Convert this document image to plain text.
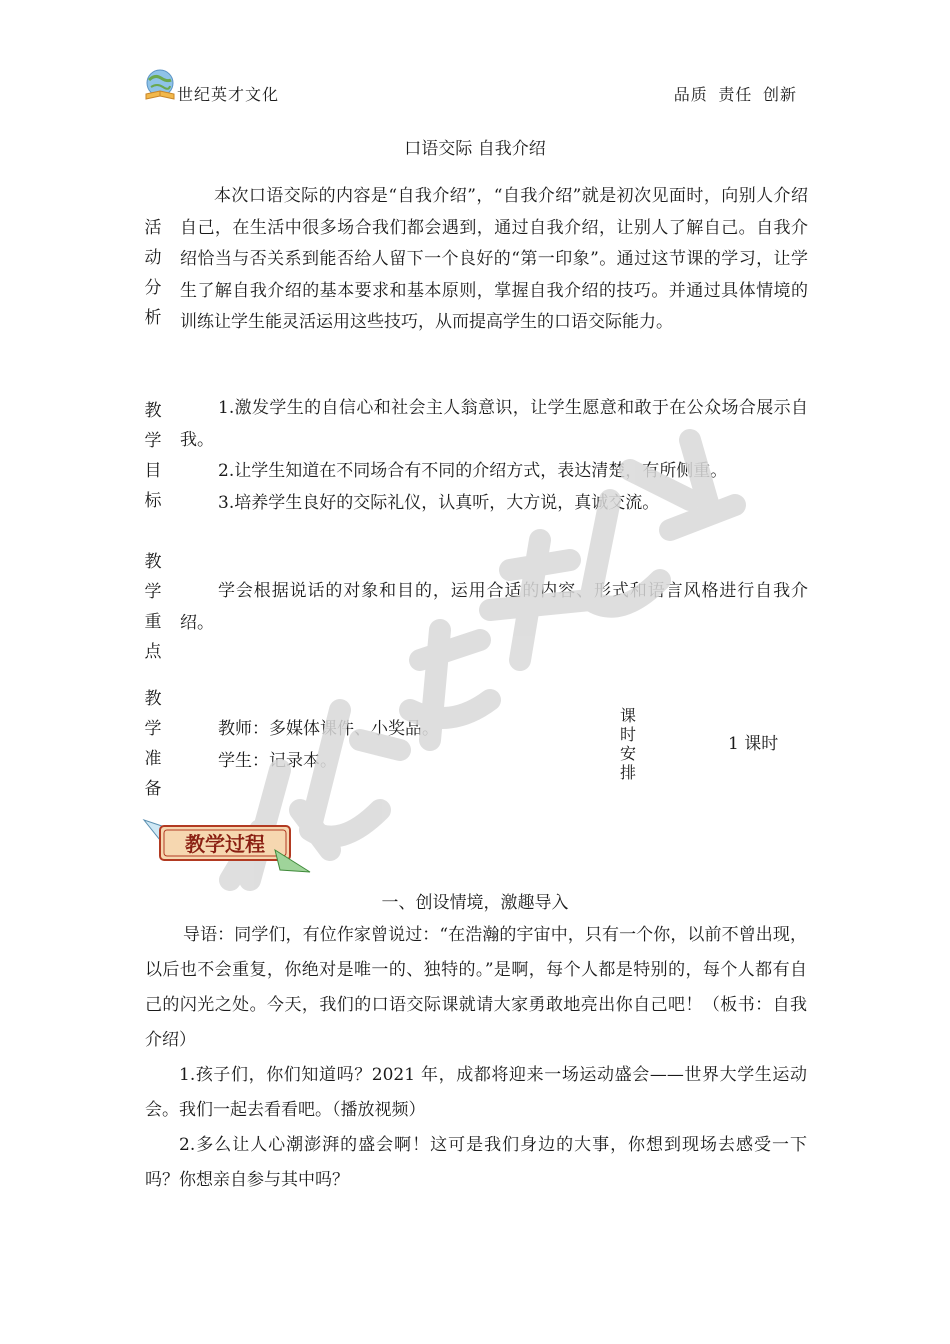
世纪英才文化	品质 责任 创新
口语交际 自我介绍
活
动
分
析

本次口语交际的内容是“自我介绍”，“自我介绍”就是初次见面时，向别人介绍自己，在生活中很多场合我们都会遇到，通过自我介绍，让别人了解自己。自我介绍恰当与否关系到能否给人留下一个良好的“第一印象”。通过这节课的学习，让学生了解自我介绍的基本要求和基本原则，掌握自我介绍的技巧。并通过具体情境的训练让学生能灵活运用这些技巧，从而提高学生的口语交际能力。

教
学
目
标

1.激发学生的自信心和社会主人翁意识，让学生愿意和敢于在公众场合展示自我。

2.让学生知道在不同场合有不同的介绍方式，表达清楚，有所侧重。

3.培养学生良好的交际礼仪，认真听，大方说，真诚交流。

教
学
重
点

学会根据说话的对象和目的，运用合适的内容、形式和语言风格进行自我介绍。

教
学
准
备

教师：多媒体课件、小奖品。

学生：记录本。

课
时
安
排
1 课时
教学过程
一、创设情境，激趣导入

导语：同学们，有位作家曾说过：“在浩瀚的宇宙中，只有一个你，以前不曾出现，以后也不会重复，你绝对是唯一的、独特的。”是啊，每个人都是特别的，每个人都有自己的闪光之处。今天，我们的口语交际课就请大家勇敢地亮出你自己吧！（板书：自我介绍）

1.孩子们，你们知道吗？2021 年，成都将迎来一场运动盛会——世界大学生运动会。我们一起去看看吧。（播放视频）

2.多么让人心潮澎湃的盛会啊！这可是我们身边的大事，你想到现场去感受一下吗？你想亲自参与其中吗？
